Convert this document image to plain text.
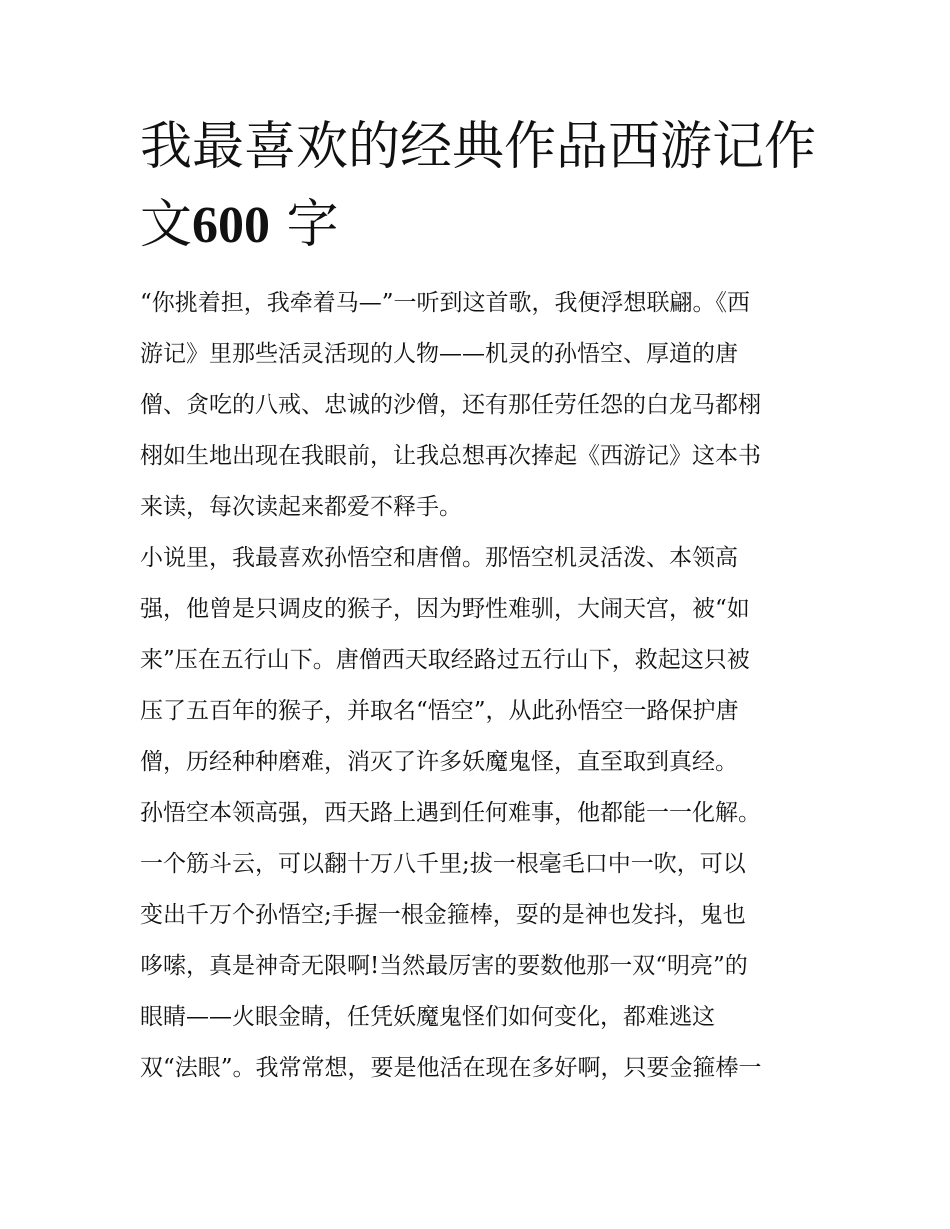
我最喜欢的经典作品西游记作
文600 字
“你挑着担，我牵着马—”一听到这首歌，我便浮想联翩。《西
游记》里那些活灵活现的人物——机灵的孙悟空、厚道的唐
僧、贪吃的八戒、忠诚的沙僧，还有那任劳任怨的白龙马都栩
栩如生地出现在我眼前，让我总想再次捧起《西游记》这本书
来读，每次读起来都爱不释手。
小说里，我最喜欢孙悟空和唐僧。那悟空机灵活泼、本领高
强，他曾是只调皮的猴子，因为野性难驯，大闹天宫，被“如
来”压在五行山下。唐僧西天取经路过五行山下，救起这只被
压了五百年的猴子，并取名“悟空”，从此孙悟空一路保护唐
僧，历经种种磨难，消灭了许多妖魔鬼怪，直至取到真经。
孙悟空本领高强，西天路上遇到任何难事，他都能一一化解。
一个筋斗云，可以翻十万八千里;拔一根毫毛口中一吹，可以
变出千万个孙悟空;手握一根金箍棒，耍的是神也发抖，鬼也
哆嗦，真是神奇无限啊!当然最厉害的要数他那一双“明亮”的
眼睛——火眼金睛，任凭妖魔鬼怪们如何变化，都难逃这
双“法眼”。我常常想，要是他活在现在多好啊，只要金箍棒一
